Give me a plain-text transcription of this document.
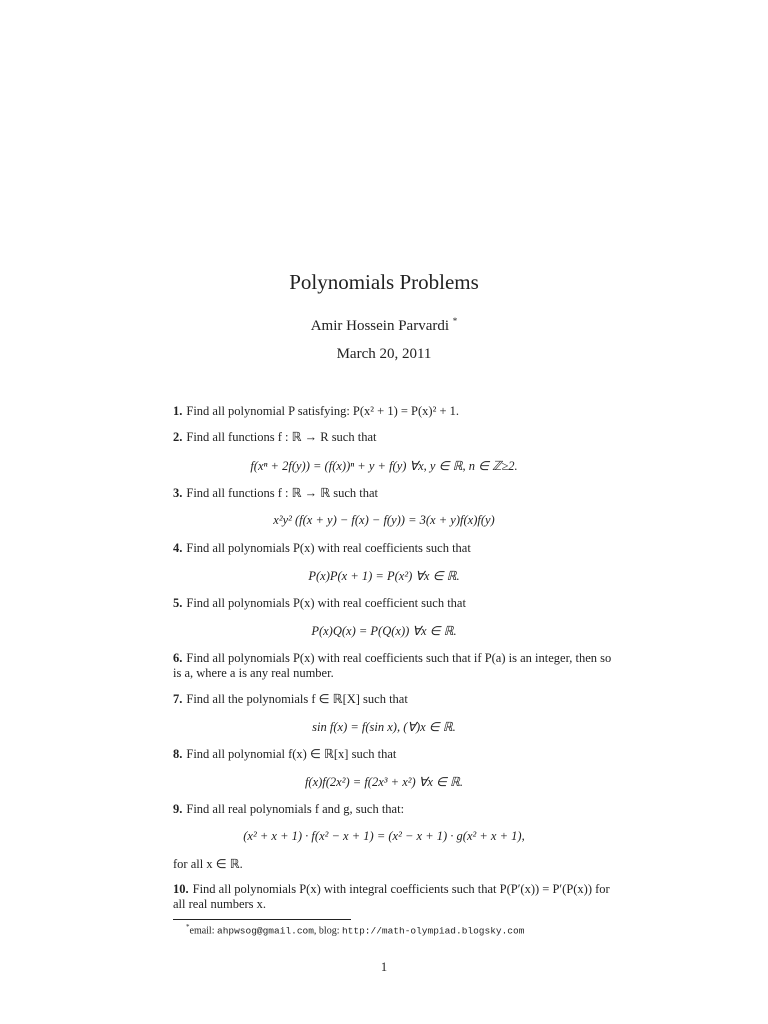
Polynomials Problems
Amir Hossein Parvardi *
March 20, 2011
1. Find all polynomial P satisfying: P(x² + 1) = P(x)² + 1.
2. Find all functions f : ℝ → R such that
f(xⁿ + 2f(y)) = (f(x))ⁿ + y + f(y) ∀x, y ∈ ℝ, n ∈ ℤ≥2.
3. Find all functions f : ℝ → ℝ such that
x²y² (f(x + y) − f(x) − f(y)) = 3(x + y)f(x)f(y)
4. Find all polynomials P(x) with real coefficients such that
P(x)P(x + 1) = P(x²) ∀x ∈ ℝ.
5. Find all polynomials P(x) with real coefficient such that
P(x)Q(x) = P(Q(x)) ∀x ∈ ℝ.
6. Find all polynomials P(x) with real coefficients such that if P(a) is an integer, then so is a, where a is any real number.
7. Find all the polynomials f ∈ ℝ[X] such that
sin f(x) = f(sin x), (∀)x ∈ ℝ.
8. Find all polynomial f(x) ∈ ℝ[x] such that
f(x)f(2x²) = f(2x³ + x²) ∀x ∈ ℝ.
9. Find all real polynomials f and g, such that:
(x² + x + 1) · f(x² − x + 1) = (x² − x + 1) · g(x² + x + 1),
for all x ∈ ℝ.
10. Find all polynomials P(x) with integral coefficients such that P(P′(x)) = P′(P(x)) for all real numbers x.
*email: ahpwsog@gmail.com, blog: http://math-olympiad.blogsky.com
1
